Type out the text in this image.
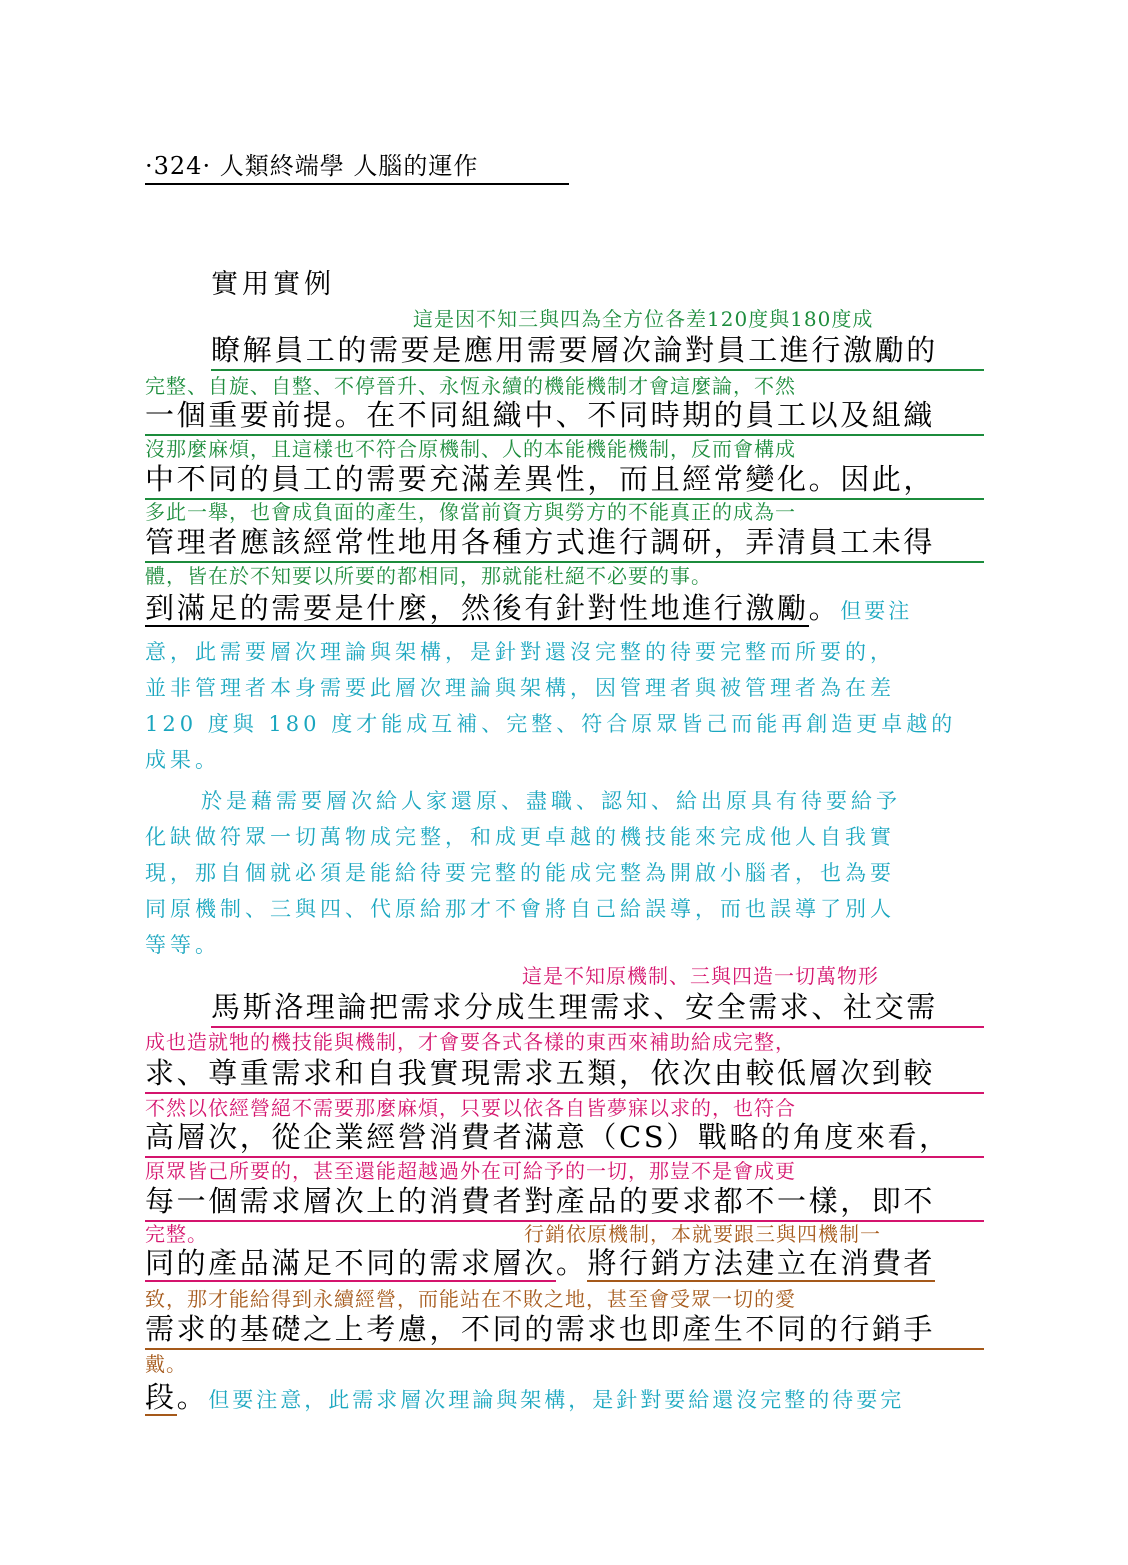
·324· 人類終端學 人腦的運作
實用實例
這是因不知三與四為全方位各差120度與180度成
瞭解員工的需要是應用需要層次論對員工進行激勵的
完整、自旋、自整、不停晉升、永恆永續的機能機制才會這麼論，不然
一個重要前提。在不同組織中、不同時期的員工以及組織
沒那麼麻煩，且這樣也不符合原機制、人的本能機能機制，反而會構成
中不同的員工的需要充滿差異性，而且經常變化。因此，
多此一舉，也會成負面的產生，像當前資方與勞方的不能真正的成為一
管理者應該經常性地用各種方式進行調研，弄清員工未得
體，皆在於不知要以所要的都相同，那就能杜絕不必要的事。
到滿足的需要是什麼，然後有針對性地進行激勵。但要注
意，此需要層次理論與架構，是針對還沒完整的待要完整而所要的，
並非管理者本身需要此層次理論與架構，因管理者與被管理者為在差
120 度與 180 度才能成互補、完整、符合原眾皆己而能再創造更卓越的
成果。
於是藉需要層次給人家還原、盡職、認知、給出原具有待要給予
化缺做符眾一切萬物成完整，和成更卓越的機技能來完成他人自我實
現，那自個就必須是能給待要完整的能成完整為開啟小腦者，也為要
同原機制、三與四、代原給那才不會將自己給誤導，而也誤導了別人
等等。
這是不知原機制、三與四造一切萬物形
馬斯洛理論把需求分成生理需求、安全需求、社交需
成也造就牠的機技能與機制，才會要各式各樣的東西來補助給成完整，
求、尊重需求和自我實現需求五類，依次由較低層次到較
不然以依經營絕不需要那麼麻煩，只要以依各自皆夢寐以求的，也符合
高層次，從企業經營消費者滿意（CS）戰略的角度來看，
原眾皆己所要的，甚至還能超越過外在可給予的一切，那豈不是會成更
每一個需求層次上的消費者對產品的要求都不一樣，即不
完整。	行銷依原機制，本就要跟三與四機制一
同的產品滿足不同的需求層次。將行銷方法建立在消費者
致，那才能給得到永續經營，而能站在不敗之地，甚至會受眾一切的愛
需求的基礎之上考慮，不同的需求也即產生不同的行銷手
戴。
段。但要注意，此需求層次理論與架構，是針對要給還沒完整的待要完
